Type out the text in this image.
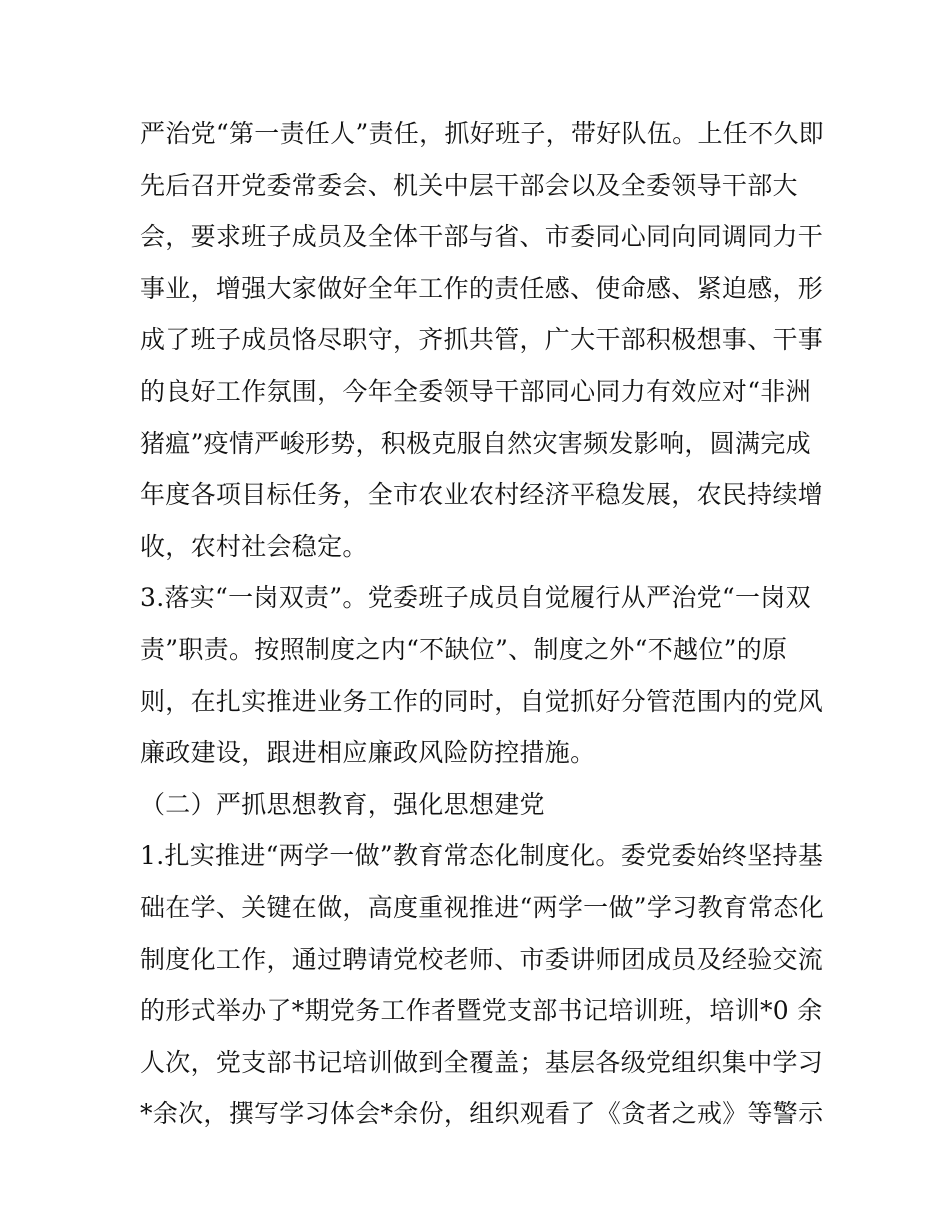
严治党“第一责任人”责任，抓好班子，带好队伍。上任不久即
先后召开党委常委会、机关中层干部会以及全委领导干部大
会，要求班子成员及全体干部与省、市委同心同向同调同力干
事业，增强大家做好全年工作的责任感、使命感、紧迫感，形
成了班子成员恪尽职守，齐抓共管，广大干部积极想事、干事
的良好工作氛围，今年全委领导干部同心同力有效应对“非洲
猪瘟”疫情严峻形势，积极克服自然灾害频发影响，圆满完成
年度各项目标任务，全市农业农村经济平稳发展，农民持续增
收，农村社会稳定。
3.落实“一岗双责”。党委班子成员自觉履行从严治党“一岗双
责”职责。按照制度之内“不缺位”、制度之外“不越位”的原
则，在扎实推进业务工作的同时，自觉抓好分管范围内的党风
廉政建设，跟进相应廉政风险防控措施。
（二）严抓思想教育，强化思想建党
1.扎实推进“两学一做”教育常态化制度化。委党委始终坚持基
础在学、关键在做，高度重视推进“两学一做”学习教育常态化
制度化工作，通过聘请党校老师、市委讲师团成员及经验交流
的形式举办了*期党务工作者暨党支部书记培训班，培训*0 余
人次，党支部书记培训做到全覆盖；基层各级党组织集中学习
*余次，撰写学习体会*余份，组织观看了《贪者之戒》等警示
